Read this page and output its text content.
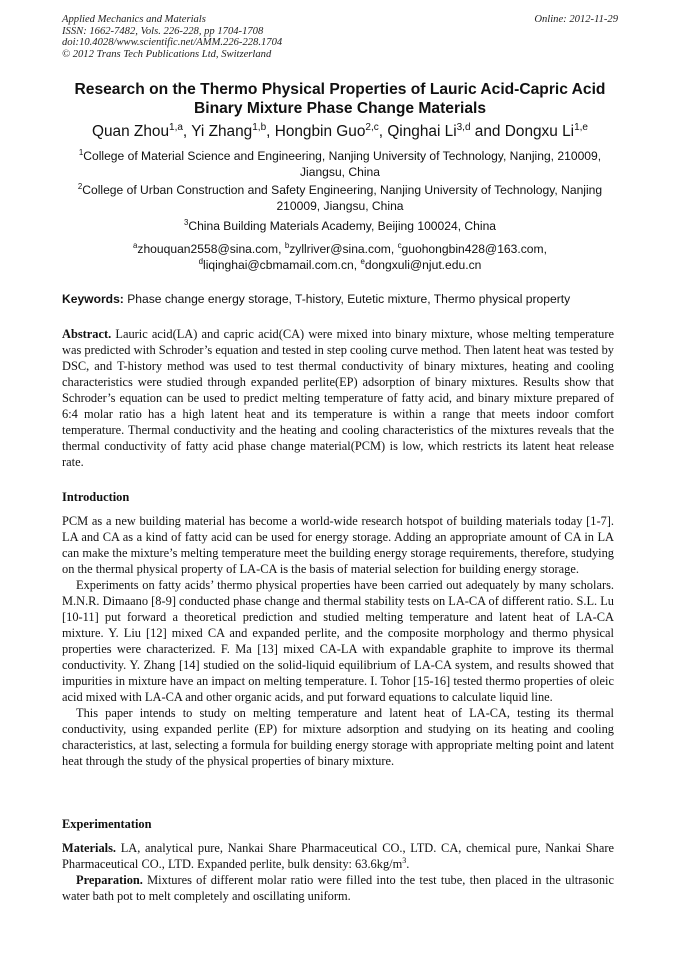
Applied Mechanics and Materials
ISSN: 1662-7482, Vols. 226-228, pp 1704-1708
doi:10.4028/www.scientific.net/AMM.226-228.1704
© 2012 Trans Tech Publications Ltd, Switzerland
Online: 2012-11-29
Research on the Thermo Physical Properties of Lauric Acid-Capric Acid
Binary Mixture Phase Change Materials
Quan Zhou$^{1,a}$, Yi Zhang$^{1,b}$, Hongbin Guo$^{2,c}$, Qinghai Li$^{3,d}$ and Dongxu Li$^{1,e}$
$^1$College of Material Science and Engineering, Nanjing University of Technology, Nanjing, 210009, Jiangsu, China
$^2$College of Urban Construction and Safety Engineering, Nanjing University of Technology, Nanjing 210009, Jiangsu, China
$^3$China Building Materials Academy, Beijing 100024, China
$^a$zhouquan2558@sina.com, $^b$zyllriver@sina.com, $^c$guohongbin428@163.com,
$^d$liqinghai@cbmamail.com.cn, $^e$dongxuli@njut.edu.cn
Keywords: Phase change energy storage, T-history, Eutetic mixture, Thermo physical property

Abstract. Lauric acid(LA) and capric acid(CA) were mixed into binary mixture, whose melting temperature was predicted with Schroder’s equation and tested in step cooling curve method. Then latent heat was tested by DSC, and T-history method was used to test thermal conductivity of binary mixtures, heating and cooling characteristics were studied through expanded perlite(EP) adsorption of binary mixtures. Results show that Schroder’s equation can be used to predict melting temperature of fatty acid, and binary mixture prepared of 6:4 molar ratio has a high latent heat and its temperature is within a range that meets indoor comfort temperature. Thermal conductivity and the heating and cooling characteristics of the mixtures reveals that the thermal conductivity of fatty acid phase change material(PCM) is low, which restricts its latent heat release rate.

Introduction

PCM as a new building material has become a world-wide research hotspot of building materials today [1-7]. LA and CA as a kind of fatty acid can be used for energy storage. Adding an appropriate amount of CA in LA can make the mixture’s melting temperature meet the building energy storage requirements, therefore, studying on the thermal physical property of LA-CA is the basis of material selection for building energy storage.

Experiments on fatty acids’ thermo physical properties have been carried out adequately by many scholars. M.N.R. Dimaano [8-9] conducted phase change and thermal stability tests on LA-CA of different ratio. S.L. Lu [10-11] put forward a theoretical prediction and studied melting temperature and latent heat of LA-CA mixture. Y. Liu [12] mixed CA and expanded perlite, and the composite morphology and thermo physical properties were characterized. F. Ma [13] mixed CA-LA with expandable graphite to improve its thermal conductivity. Y. Zhang [14] studied on the solid-liquid equilibrium of LA-CA system, and results showed that impurities in mixture have an impact on melting temperature. I. Tohor [15-16] tested thermo properties of oleic acid mixed with LA-CA and other organic acids, and put forward equations to calculate liquid line.

This paper intends to study on melting temperature and latent heat of LA-CA, testing its thermal conductivity, using expanded perlite (EP) for mixture adsorption and studying on its heating and cooling characteristics, at last, selecting a formula for building energy storage with appropriate melting point and latent heat through the study of the physical properties of binary mixture.

Experimentation

Materials. LA, analytical pure, Nankai Share Pharmaceutical CO., LTD. CA, chemical pure, Nankai Share Pharmaceutical CO., LTD. Expanded perlite, bulk density: $63.6kg/m^3$.

Preparation. Mixtures of different molar ratio were filled into the test tube, then placed in the ultrasonic water bath pot to melt completely and oscillating uniform.
